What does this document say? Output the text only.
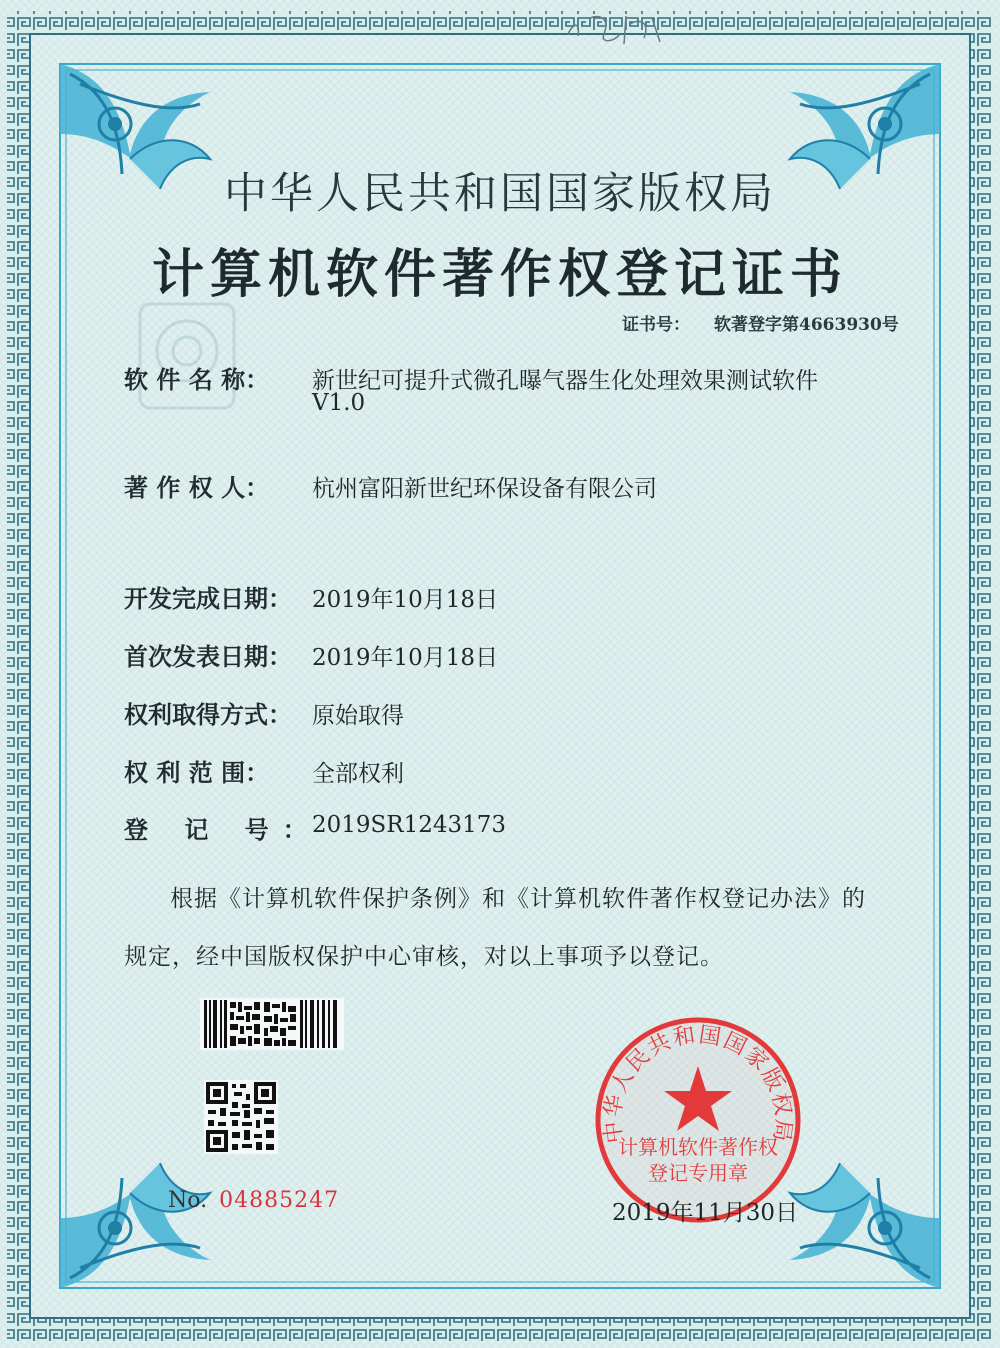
中华人民共和国国家版权局
计算机软件著作权登记证书
证书号： 软著登字第4663930号
软 件 名 称：	新世纪可提升式微孔曝气器生化处理效果测试软件
V1.0
著 作 权 人：	杭州富阳新世纪环保设备有限公司
开发完成日期： 2019年10月18日
首次发表日期： 2019年10月18日
权利取得方式： 原始取得
权 利 范 围：	全部权利
登 记 号：
2019SR1243173
根据《计算机软件保护条例》和《计算机软件著作权登记办法》的
规定，经中国版权保护中心审核，对以上事项予以登记。
No. 04885247
中华人民共和国国家版权局
计算机软件著作权
登记专用章
2019年11月30日
